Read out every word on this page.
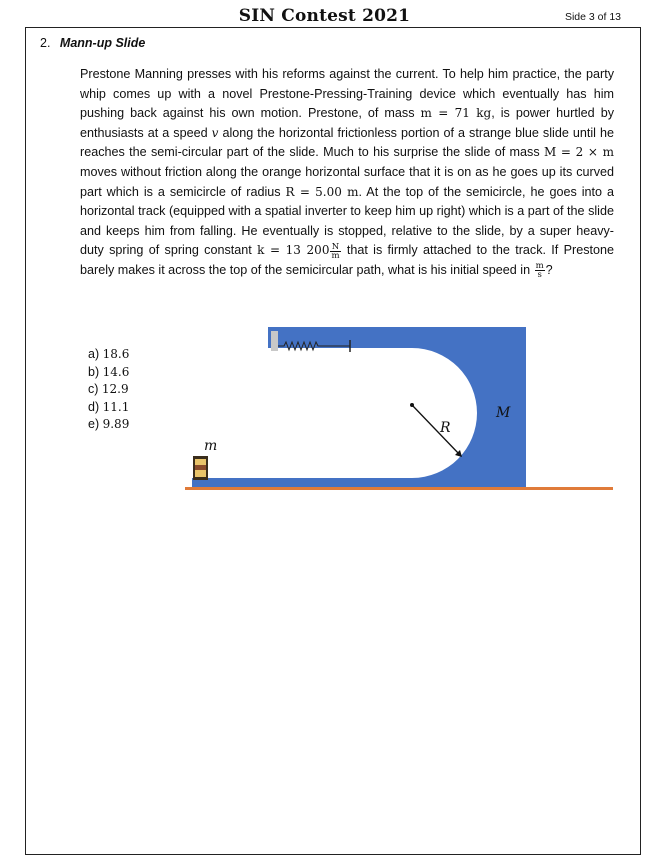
SIN Contest 2021	Side 3 of 13
2. Mann-up Slide

Prestone Manning presses with his reforms against the current. To help him practice, the party whip comes up with a novel Prestone-Pressing-Training device which eventually has him pushing back against his own motion. Prestone, of mass m = 71 kg, is power hurtled by enthusiasts at a speed v along the horizontal frictionless portion of a strange blue slide until he reaches the semi-circular part of the slide. Much to his surprise the slide of mass M = 2 × m moves without friction along the orange horizontal surface that it is on as he goes up its curved part which is a semicircle of radius R = 5.00 m. At the top of the semicircle, he goes into a horizontal track (equipped with a spatial inverter to keep him up right) which is a part of the slide and keeps him from falling. He eventually is stopped, relative to the slide, by a super heavy-duty spring of spring constant k = 13 $200 \frac{N}{m}$ that is firmly attached to the track. If Prestone barely makes it across the top of the semicircular path, what is his initial speed in $\frac{m}{s}$ ?

a) 18.6
b) 14.6
c) 12.9
d) 11.1
e) 9.89	R
M
m
